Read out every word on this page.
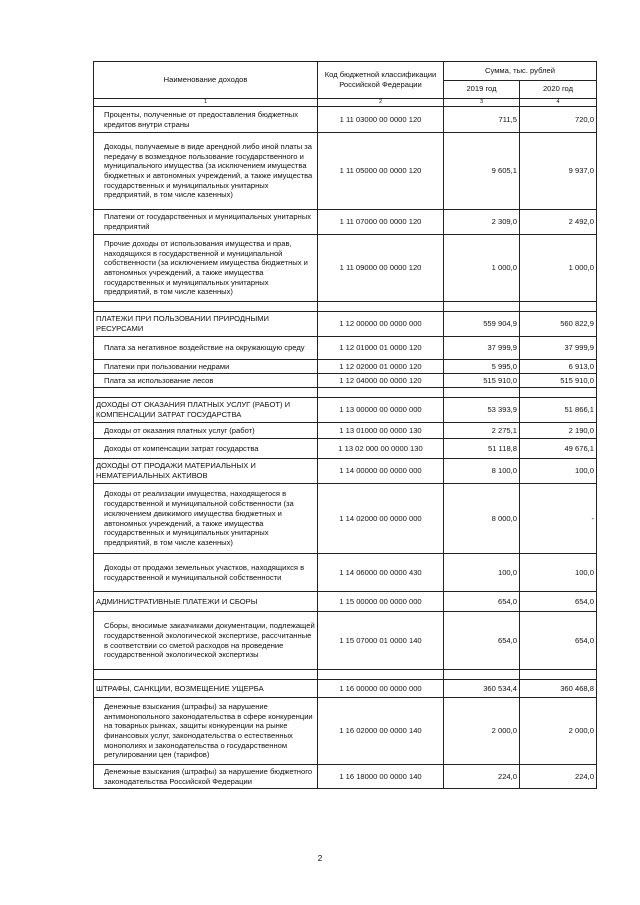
Наименование доходов	Код бюджетной классификации Российской Федерации	Сумма, тыс. рублей	
		2019 год	2020 год
1	2	3	4
Проценты, полученные от предоставления бюджетных кредитов внутри страны	1 11 03000 00 0000 120	711,5	720,0
Доходы, получаемые в виде арендной либо иной платы за передачу в возмездное пользование государственного и муниципального имущества (за исключением имущества бюджетных и автономных учреждений, а также имущества государственных и муниципальных унитарных предприятий, в том числе казенных)	1 11 05000 00 0000 120	9 605,1	9 937,0
Платежи от государственных и муниципальных унитарных предприятий	1 11 07000 00 0000 120	2 309,0	2 492,0
Прочие доходы от использования имущества и прав, находящихся в государственной и муниципальной собственности (за исключением имущества бюджетных и автономных учреждений, а также имущества государственных и муниципальных унитарных предприятий, в том числе казенных)	1 11 09000 00 0000 120	1 000,0	1 000,0

ПЛАТЕЖИ ПРИ ПОЛЬЗОВАНИИ ПРИРОДНЫМИ РЕСУРСАМИ	1 12 00000 00 0000 000	559 904,9	560 822,9
Плата за негативное воздействие на окружающую среду	1 12 01000 01 0000 120	37 999,9	37 999,9
Платежи при пользовании недрами	1 12 02000 01 0000 120	5 995,0	6 913,0
Плата за использование лесов	1 12 04000 00 0000 120	515 910,0	515 910,0

ДОХОДЫ ОТ ОКАЗАНИЯ ПЛАТНЫХ УСЛУГ (РАБОТ) И КОМПЕНСАЦИИ ЗАТРАТ ГОСУДАРСТВА	1 13 00000 00 0000 000	53 393,9	51 866,1
Доходы от оказания платных услуг (работ)	1 13 01000 00 0000 130	2 275,1	2 190,0
Доходы от компенсации затрат государства	1 13 02 000 00 0000 130	51 118,8	49 676,1
ДОХОДЫ ОТ ПРОДАЖИ МАТЕРИАЛЬНЫХ И НЕМАТЕРИАЛЬНЫХ АКТИВОВ	1 14 00000 00 0000 000	8 100,0	100,0
Доходы от реализации имущества, находящегося в государственной и муниципальной собственности (за исключением движимого имущества бюджетных и автономных учреждений, а также имущества государственных и муниципальных унитарных предприятий, в том числе казенных)	1 14 02000 00 0000 000	8 000,0	-
Доходы от продажи земельных участков, находящихся в государственной и муниципальной собственности	1 14 06000 00 0000 430	100,0	100,0
АДМИНИСТРАТИВНЫЕ ПЛАТЕЖИ И СБОРЫ	1 15 00000 00 0000 000	654,0	654,0
Сборы, вносимые заказчиками документации, подлежащей государственной экологической экспертизе, рассчитанные в соответствии со сметой расходов на проведение государственной экологической экспертизы	1 15 07000 01 0000 140	654,0	654,0

ШТРАФЫ, САНКЦИИ, ВОЗМЕЩЕНИЕ УЩЕРБА	1 16 00000 00 0000 000	360 534,4	360 468,8
Денежные взыскания (штрафы) за нарушение антимонопольного законодательства в сфере конкуренции на товарных рынках, защиты конкуренции на рынке финансовых услуг, законодательства о естественных монополиях и законодательства о государственном регулировании цен (тарифов)	1 16 02000 00 0000 140	2 000,0	2 000,0
Денежные взыскания (штрафы) за нарушение бюджетного законодательства Российской Федерации	1 16 18000 00 0000 140	224,0	224,0
2
